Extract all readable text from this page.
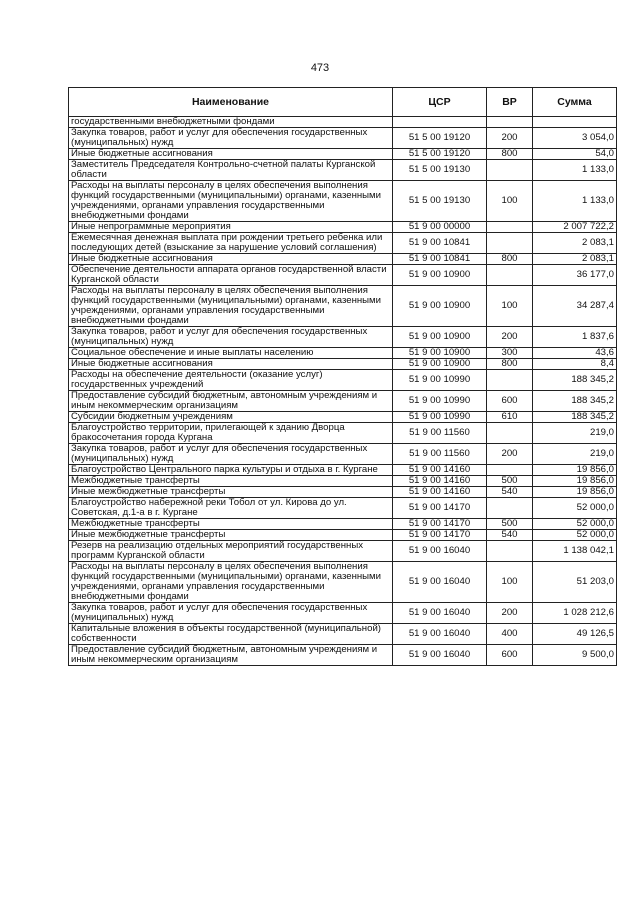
473
Наименование	ЦСР	ВР	Сумма
государственными внебюджетными фондами			
Закупка товаров, работ и услуг для обеспечения государственных (муниципальных) нужд	51 5 00 19120	200	3 054,0
Иные бюджетные ассигнования	51 5 00 19120	800	54,0
Заместитель Председателя Контрольно-счетной палаты Курганской области	51 5 00 19130		1 133,0
Расходы на выплаты персоналу в целях обеспечения выполнения функций государственными (муниципальными) органами, казенными учреждениями, органами управления государственными внебюджетными фондами	51 5 00 19130	100	1 133,0
Иные непрограммные мероприятия	51 9 00 00000		2 007 722,2
Ежемесячная денежная выплата при рождении третьего ребенка или последующих детей (взыскание за нарушение условий соглашения)	51 9 00 10841		2 083,1
Иные бюджетные ассигнования	51 9 00 10841	800	2 083,1
Обеспечение деятельности аппарата органов государственной власти Курганской области	51 9 00 10900		36 177,0
Расходы на выплаты персоналу в целях обеспечения выполнения функций государственными (муниципальными) органами, казенными учреждениями, органами управления государственными внебюджетными фондами	51 9 00 10900	100	34 287,4
Закупка товаров, работ и услуг для обеспечения государственных (муниципальных) нужд	51 9 00 10900	200	1 837,6
Социальное обеспечение и иные выплаты населению	51 9 00 10900	300	43,6
Иные бюджетные ассигнования	51 9 00 10900	800	8,4
Расходы на обеспечение деятельности (оказание услуг) государственных учреждений	51 9 00 10990		188 345,2
Предоставление субсидий бюджетным, автономным учреждениям и иным некоммерческим организациям	51 9 00 10990	600	188 345,2
Субсидии бюджетным учреждениям	51 9 00 10990	610	188 345,2
Благоустройство территории, прилегающей к зданию Дворца бракосочетания города Кургана	51 9 00 11560		219,0
Закупка товаров, работ и услуг для обеспечения государственных (муниципальных) нужд	51 9 00 11560	200	219,0
Благоустройство Центрального парка культуры и отдыха в г. Кургане	51 9 00 14160		19 856,0
Межбюджетные трансферты	51 9 00 14160	500	19 856,0
Иные межбюджетные трансферты	51 9 00 14160	540	19 856,0
Благоустройство набережной реки Тобол от ул. Кирова до ул. Советская, д.1-а в г. Кургане	51 9 00 14170		52 000,0
Межбюджетные трансферты	51 9 00 14170	500	52 000,0
Иные межбюджетные трансферты	51 9 00 14170	540	52 000,0
Резерв на реализацию отдельных мероприятий государственных программ Курганской области	51 9 00 16040		1 138 042,1
Расходы на выплаты персоналу в целях обеспечения выполнения функций государственными (муниципальными) органами, казенными учреждениями, органами управления государственными внебюджетными фондами	51 9 00 16040	100	51 203,0
Закупка товаров, работ и услуг для обеспечения государственных (муниципальных) нужд	51 9 00 16040	200	1 028 212,6
Капитальные вложения в объекты государственной (муниципальной) собственности	51 9 00 16040	400	49 126,5
Предоставление субсидий бюджетным, автономным учреждениям и иным некоммерческим организациям	51 9 00 16040	600	9 500,0
